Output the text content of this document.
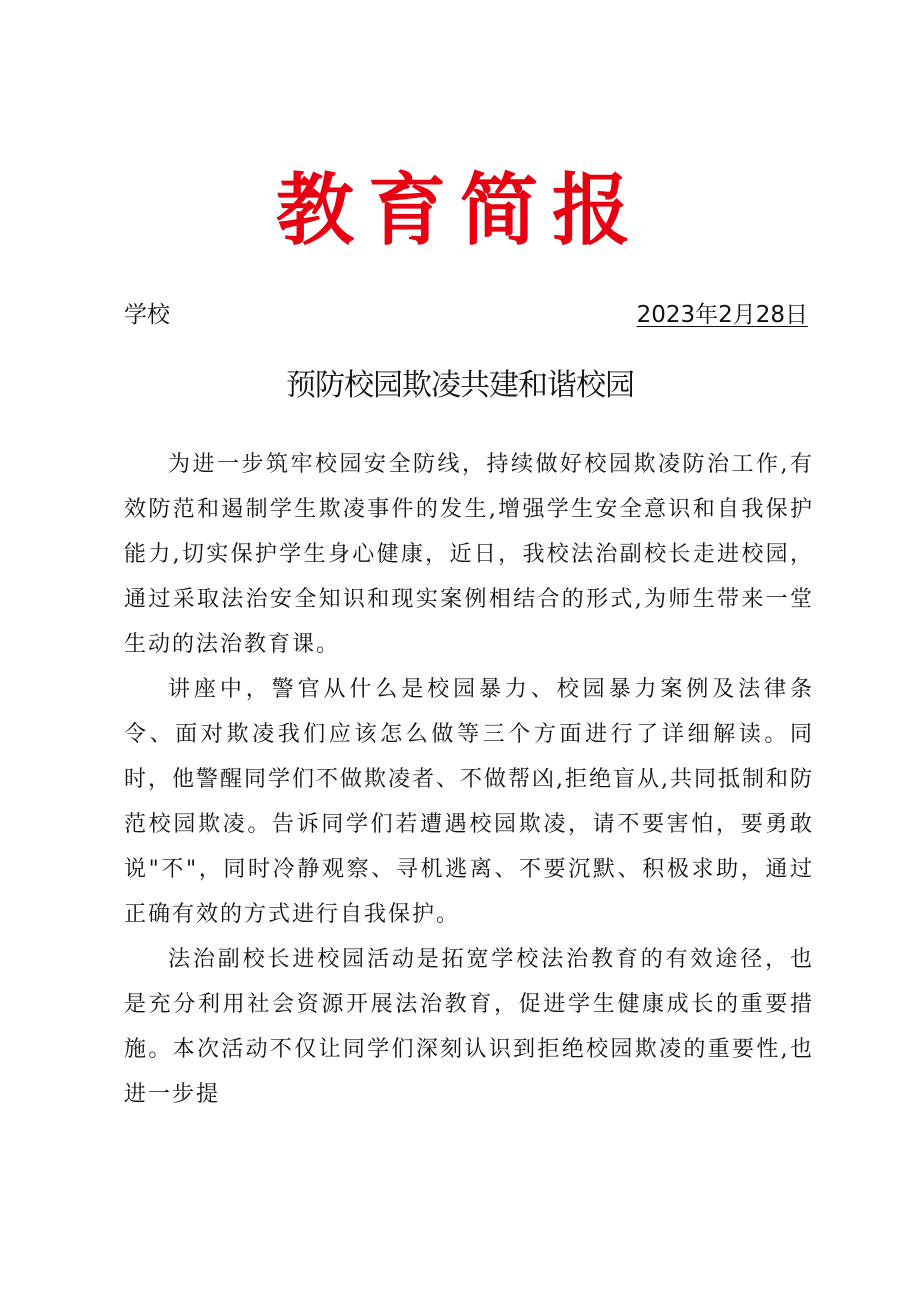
教育简报
学校	2023年2月28日
预防校园欺凌共建和谐校园

为进一步筑牢校园安全防线，持续做好校园欺凌防治工作,有效防范和遏制学生欺凌事件的发生,增强学生安全意识和自我保护能力,切实保护学生身心健康，近日，我校法治副校长走进校园，通过采取法治安全知识和现实案例相结合的形式,为师生带来一堂生动的法治教育课。

讲座中，警官从什么是校园暴力、校园暴力案例及法律条令、面对欺凌我们应该怎么做等三个方面进行了详细解读。同时，他警醒同学们不做欺凌者、不做帮凶,拒绝盲从,共同抵制和防范校园欺凌。告诉同学们若遭遇校园欺凌，请不要害怕，要勇敢说"不"，同时冷静观察、寻机逃离、不要沉默、积极求助，通过正确有效的方式进行自我保护。

法治副校长进校园活动是拓宽学校法治教育的有效途径，也是充分利用社会资源开展法治教育，促进学生健康成长的重要措施。本次活动不仅让同学们深刻认识到拒绝校园欺凌的重要性,也进一步提
